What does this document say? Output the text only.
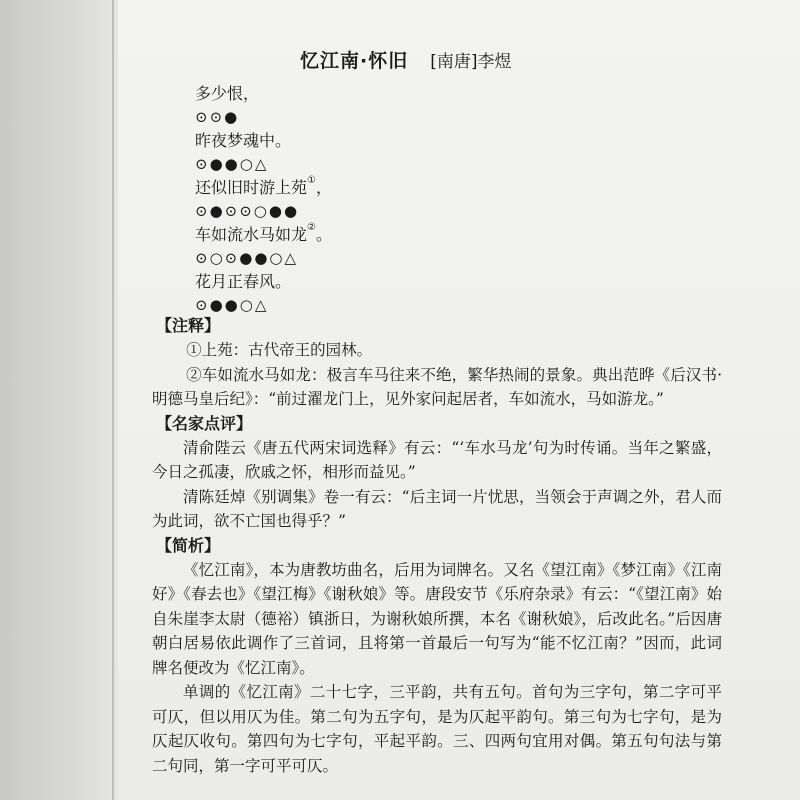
忆江南·怀旧 [南唐]李煜
多少恨，
⊙⊙●
昨夜梦魂中。
⊙●●○△
还似旧时游上苑①，
⊙●⊙⊙○●●
车如流水马如龙②。
⊙○⊙●●○△
花月正春风。
⊙●●○△
【注释】

①上苑：古代帝王的园林。

②车如流水马如龙：极言车马往来不绝，繁华热闹的景象。典出范晔《后汉书·明德马皇后纪》：“前过濯龙门上，见外家问起居者，车如流水，马如游龙。”

【名家点评】

清俞陛云《唐五代两宋词选释》有云：“‘车水马龙’句为时传诵。当年之繁盛，今日之孤凄，欣戚之怀，相形而益见。”

清陈廷焯《别调集》卷一有云：“后主词一片忧思，当领会于声调之外，君人而为此词，欲不亡国也得乎？”

【简析】

《忆江南》，本为唐教坊曲名，后用为词牌名。又名《望江南》《梦江南》《江南好》《春去也》《望江梅》《谢秋娘》等。唐段安节《乐府杂录》有云：“《望江南》始自朱崖李太尉（德裕）镇浙日，为谢秋娘所撰，本名《谢秋娘》，后改此名。”后因唐朝白居易依此调作了三首词，且将第一首最后一句写为“能不忆江南？”因而，此词牌名便改为《忆江南》。

单调的《忆江南》二十七字，三平韵，共有五句。首句为三字句，第二字可平可仄，但以用仄为佳。第二句为五字句，是为仄起平韵句。第三句为七字句，是为仄起仄收句。第四句为七字句，平起平韵。三、四两句宜用对偶。第五句句法与第二句同，第一字可平可仄。
